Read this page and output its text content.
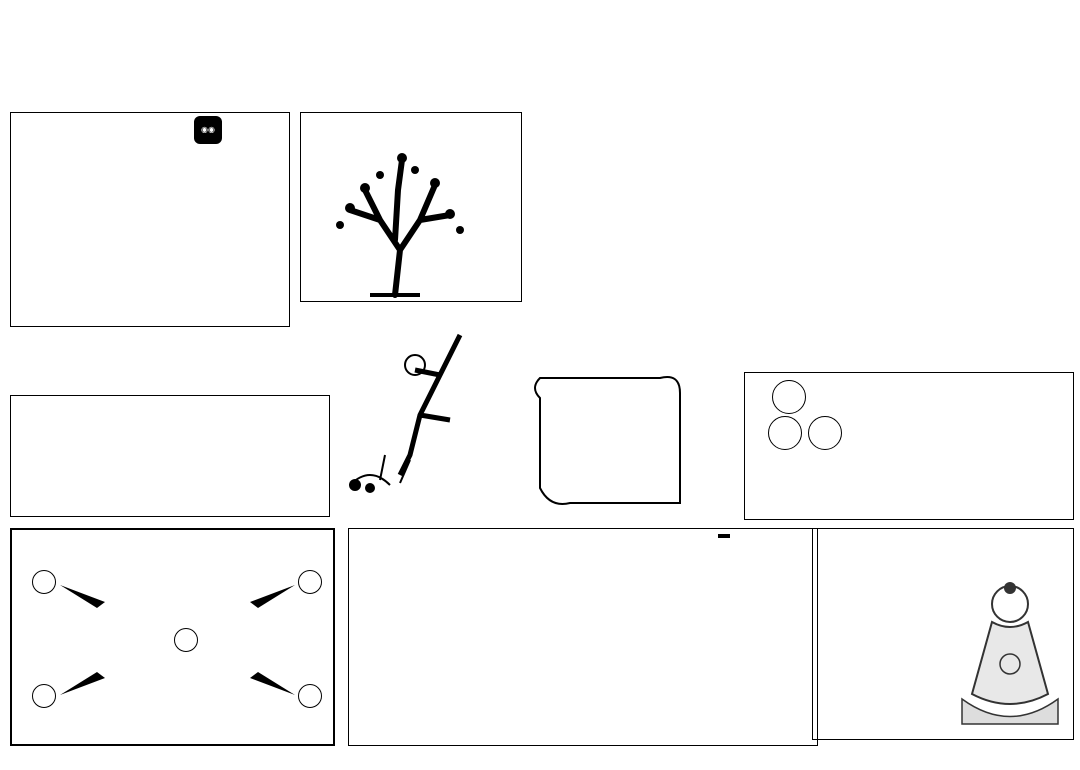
◉◉
